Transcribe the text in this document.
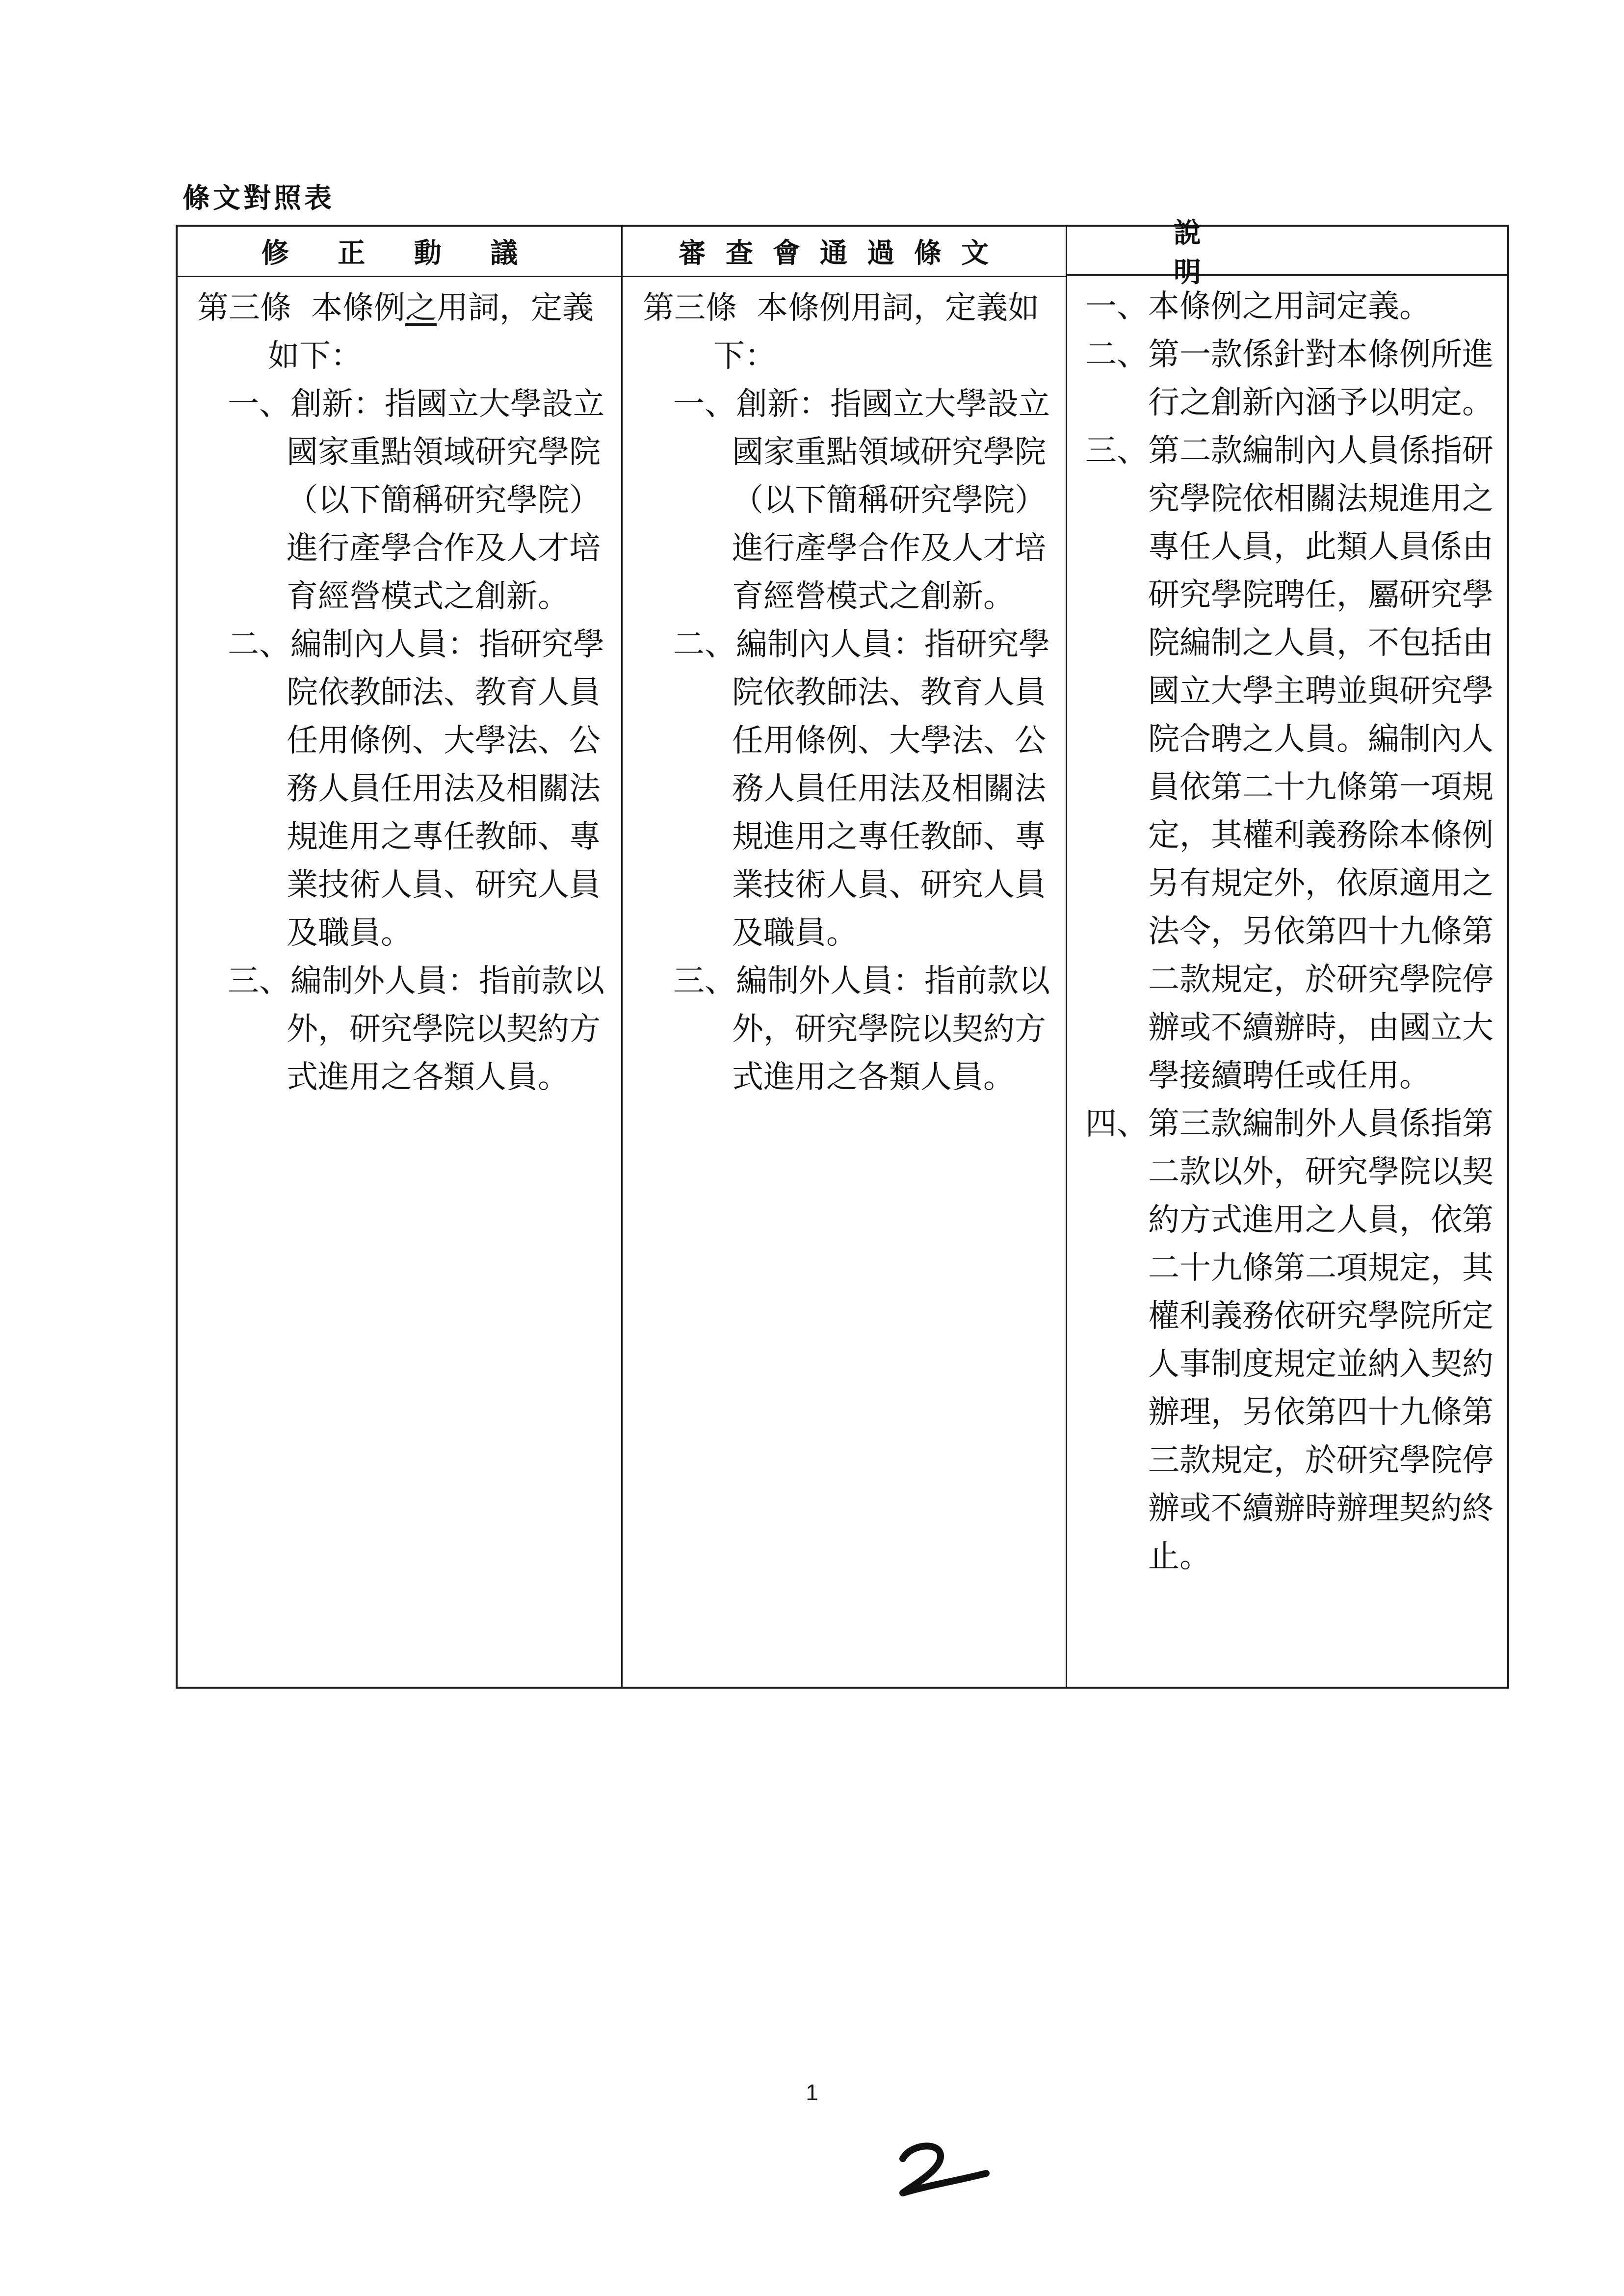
條文對照表
修 正 動 議

第三條 本條例之用詞，定義如下：

一、創新：指國立大學設立國家重點領域研究學院（以下簡稱研究學院）進行產學合作及人才培育經營模式之創新。

二、編制內人員：指研究學院依教師法、教育人員任用條例、大學法、公務人員任用法及相關法規進用之專任教師、專業技術人員、研究人員及職員。

三、編制外人員：指前款以外，研究學院以契約方式進用之各類人員。

審查會通過條文

第三條 本條例用詞，定義如下：

一、創新：指國立大學設立國家重點領域研究學院（以下簡稱研究學院）進行產學合作及人才培育經營模式之創新。

二、編制內人員：指研究學院依教師法、教育人員任用條例、大學法、公務人員任用法及相關法規進用之專任教師、專業技術人員、研究人員及職員。

三、編制外人員：指前款以外，研究學院以契約方式進用之各類人員。

說 明

一、本條例之用詞定義。

二、第一款係針對本條例所進行之創新內涵予以明定。

三、第二款編制內人員係指研究學院依相關法規進用之專任人員，此類人員係由研究學院聘任，屬研究學院編制之人員，不包括由國立大學主聘並與研究學院合聘之人員。編制內人員依第二十九條第一項規定，其權利義務除本條例另有規定外，依原適用之法令，另依第四十九條第二款規定，於研究學院停辦或不續辦時，由國立大學接續聘任或任用。

四、第三款編制外人員係指第二款以外，研究學院以契約方式進用之人員，依第二十九條第二項規定，其權利義務依研究學院所定人事制度規定並納入契約辦理，另依第四十九條第三款規定，於研究學院停辦或不續辦時辦理契約終止。

1
